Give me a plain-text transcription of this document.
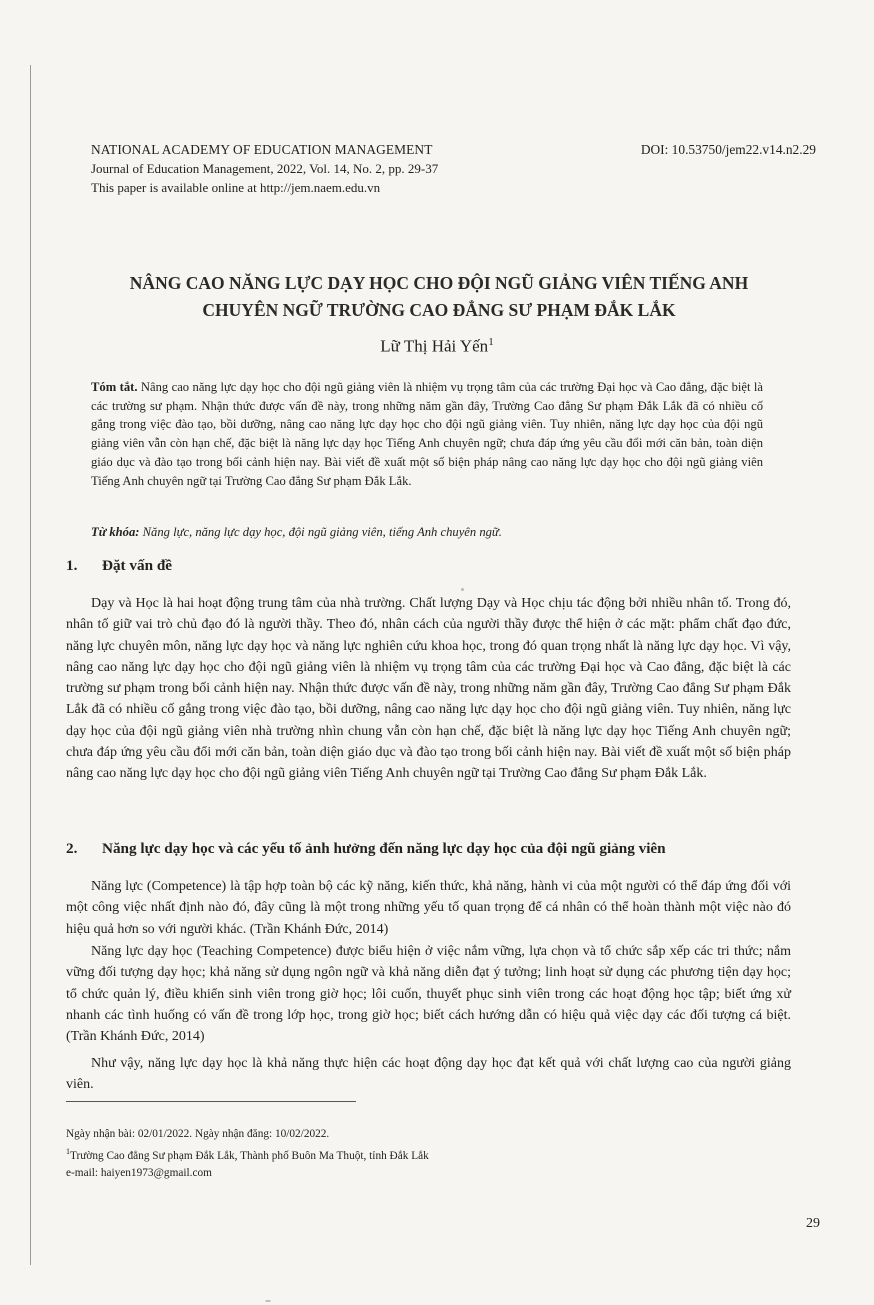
NATIONAL ACADEMY OF EDUCATION MANAGEMENT
Journal of Education Management, 2022, Vol. 14, No. 2, pp. 29-37
This paper is available online at http://jem.naem.edu.vn
DOI: 10.53750/jem22.v14.n2.29
NÂNG CAO NĂNG LỰC DẠY HỌC CHO ĐỘI NGŨ GIẢNG VIÊN TIẾNG ANH
CHUYÊN NGỮ TRƯỜNG CAO ĐẲNG SƯ PHẠM ĐẮK LẮK
Lữ Thị Hải Yến$^1$
Tóm tắt. Nâng cao năng lực dạy học cho đội ngũ giảng viên là nhiệm vụ trọng tâm của các trường Đại học và Cao đẳng, đặc biệt là các trường sư phạm. Nhận thức được vấn đề này, trong những năm gần đây, Trường Cao đẳng Sư phạm Đắk Lắk đã có nhiều cố gắng trong việc đào tạo, bồi dưỡng, nâng cao năng lực dạy học cho đội ngũ giảng viên. Tuy nhiên, năng lực dạy học của đội ngũ giảng viên vẫn còn hạn chế, đặc biệt là năng lực dạy học Tiếng Anh chuyên ngữ; chưa đáp ứng yêu cầu đổi mới căn bản, toàn diện giáo dục và đào tạo trong bối cảnh hiện nay. Bài viết đề xuất một số biện pháp nâng cao năng lực dạy học cho đội ngũ giảng viên Tiếng Anh chuyên ngữ tại Trường Cao đẳng Sư phạm Đắk Lắk.
Từ khóa: Năng lực, năng lực dạy học, đội ngũ giảng viên, tiếng Anh chuyên ngữ.
1. Đặt vấn đề
Dạy và Học là hai hoạt động trung tâm của nhà trường. Chất lượng Dạy và Học chịu tác động bởi nhiều nhân tố. Trong đó, nhân tố giữ vai trò chủ đạo đó là người thầy. Theo đó, nhân cách của người thầy được thể hiện ở các mặt: phẩm chất đạo đức, năng lực chuyên môn, năng lực dạy học và năng lực nghiên cứu khoa học, trong đó quan trọng nhất là năng lực dạy học. Vì vậy, nâng cao năng lực dạy học cho đội ngũ giảng viên là nhiệm vụ trọng tâm của các trường Đại học và Cao đẳng, đặc biệt là các trường sư phạm trong bối cảnh hiện nay. Nhận thức được vấn đề này, trong những năm gần đây, Trường Cao đẳng Sư phạm Đắk Lắk đã có nhiều cố gắng trong việc đào tạo, bồi dưỡng, nâng cao năng lực dạy học cho đội ngũ giảng viên. Tuy nhiên, năng lực dạy học của đội ngũ giảng viên nhà trường nhìn chung vẫn còn hạn chế, đặc biệt là năng lực dạy học Tiếng Anh chuyên ngữ; chưa đáp ứng yêu cầu đổi mới căn bản, toàn diện giáo dục và đào tạo trong bối cảnh hiện nay. Bài viết đề xuất một số biện pháp nâng cao năng lực dạy học cho đội ngũ giảng viên Tiếng Anh chuyên ngữ tại Trường Cao đẳng Sư phạm Đắk Lắk.
2. Năng lực dạy học và các yếu tố ảnh hưởng đến năng lực dạy học của đội ngũ giảng viên
Năng lực (Competence) là tập hợp toàn bộ các kỹ năng, kiến thức, khả năng, hành vi của một người có thể đáp ứng đối với một công việc nhất định nào đó, đây cũng là một trong những yếu tố quan trọng để cá nhân có thể hoàn thành một việc nào đó hiệu quả hơn so với người khác. (Trần Khánh Đức, 2014)
Năng lực dạy học (Teaching Competence) được biểu hiện ở việc nắm vững, lựa chọn và tổ chức sắp xếp các tri thức; nắm vững đối tượng dạy học; khả năng sử dụng ngôn ngữ và khả năng diễn đạt ý tưởng; linh hoạt sử dụng các phương tiện dạy học; tổ chức quản lý, điều khiển sinh viên trong giờ học; lôi cuốn, thuyết phục sinh viên trong các hoạt động học tập; biết ứng xử nhanh các tình huống có vấn đề trong lớp học, trong giờ học; biết cách hướng dẫn có hiệu quả việc dạy các đối tượng cá biệt. (Trần Khánh Đức, 2014)
Như vậy, năng lực dạy học là khả năng thực hiện các hoạt động dạy học đạt kết quả với chất lượng cao của người giảng viên.
Ngày nhận bài: 02/01/2022. Ngày nhận đăng: 10/02/2022.
$^1$Trường Cao đẳng Sư phạm Đắk Lắk, Thành phố Buôn Ma Thuột, tỉnh Đắk Lắk
e-mail: haiyen1973@gmail.com
29
